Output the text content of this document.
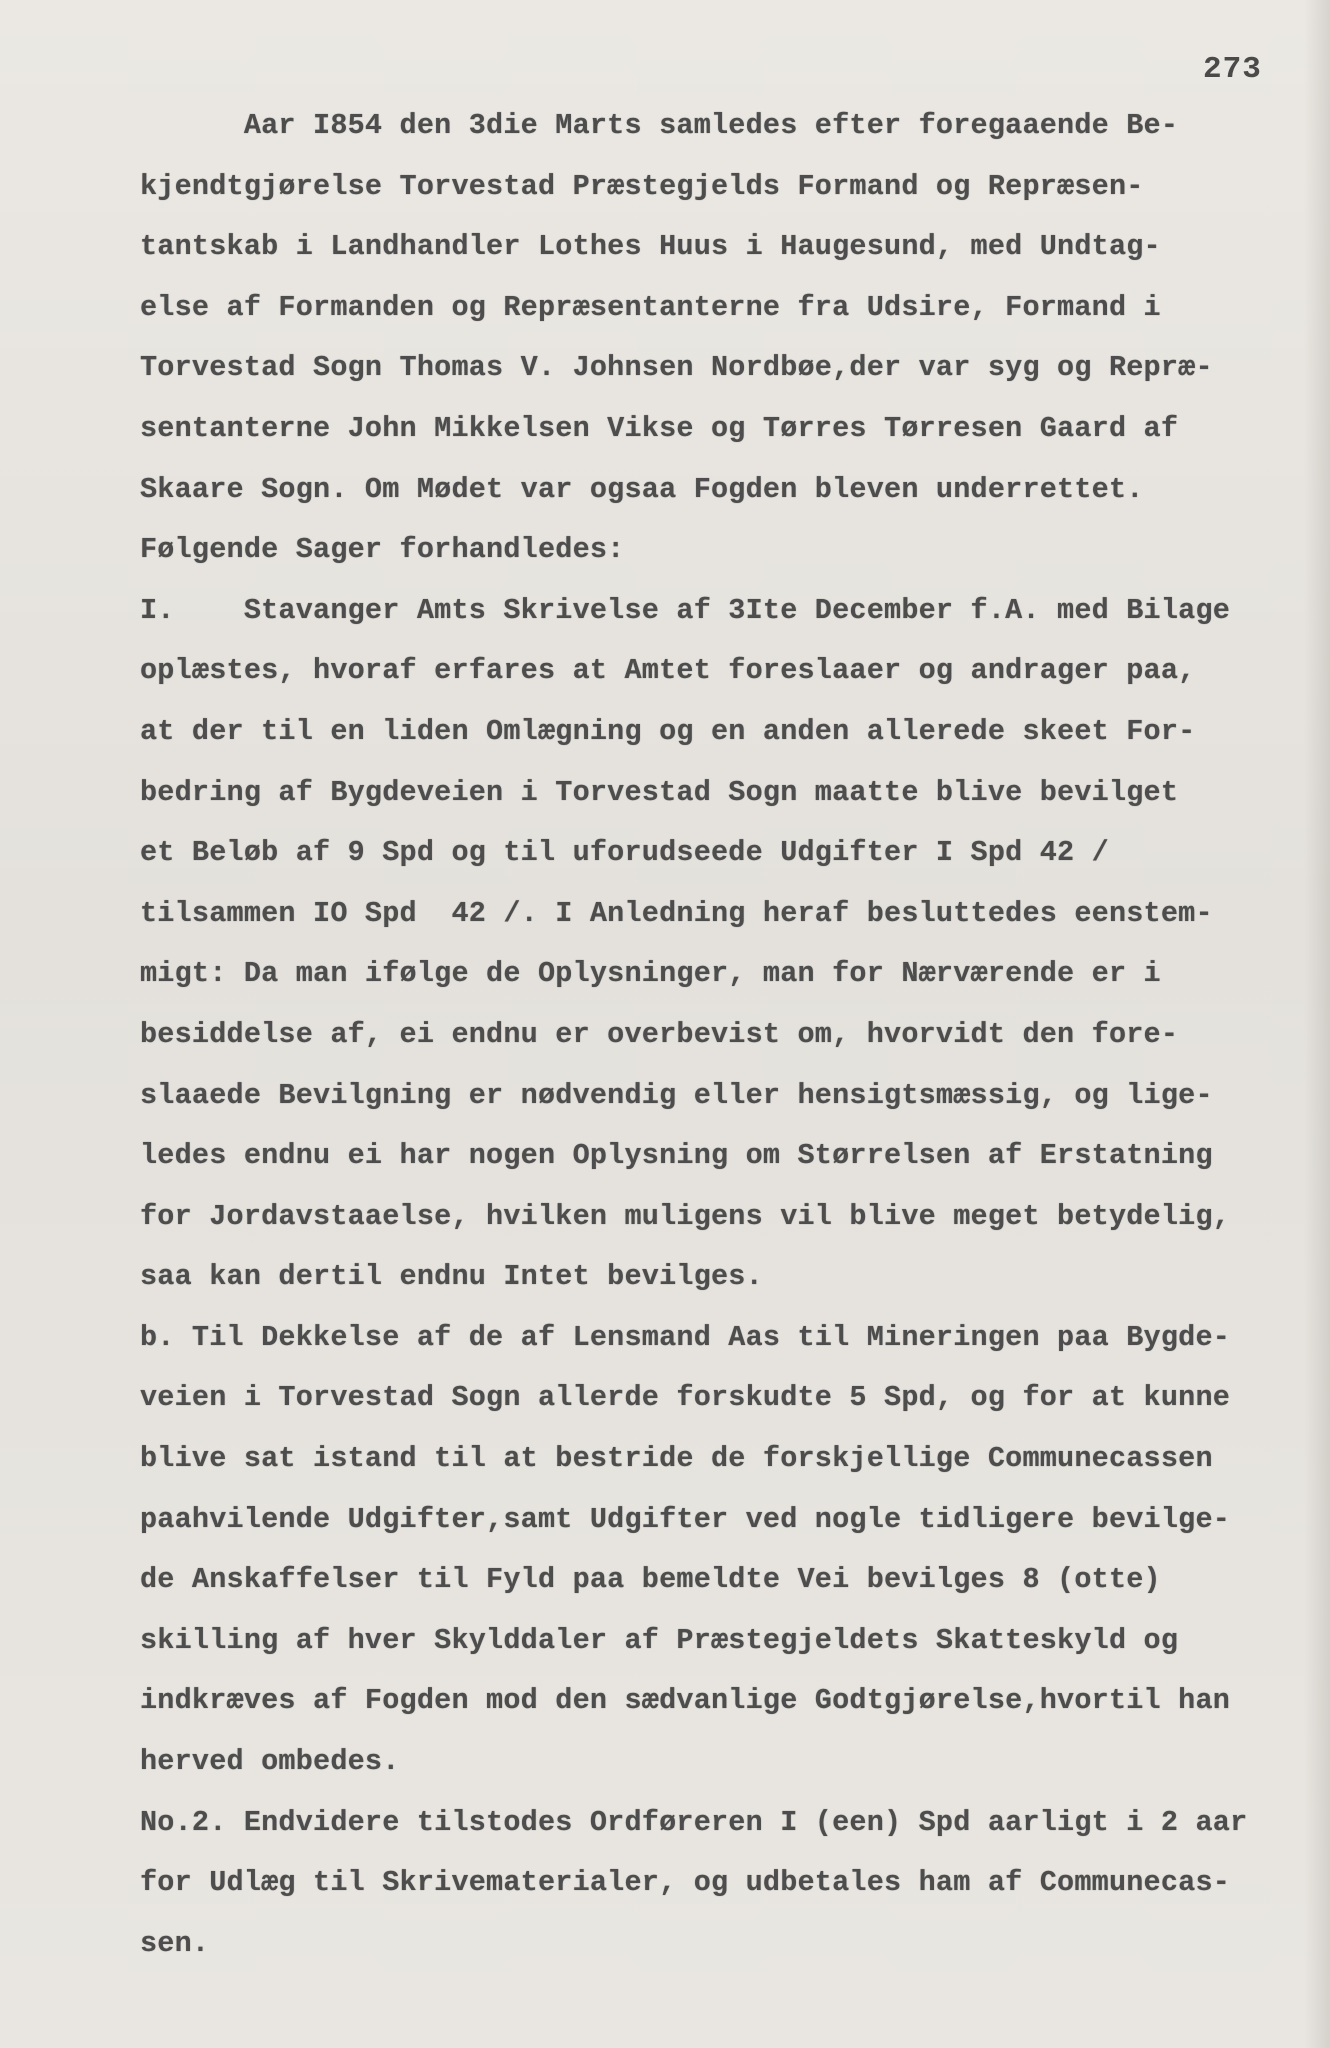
273
Aar I854 den 3die Marts samledes efter foregaaende Be-
kjendtgjørelse Torvestad Præstegjelds Formand og Repræsen-
tantskab i Landhandler Lothes Huus i Haugesund, med Undtag-
else af Formanden og Repræsentanterne fra Udsire, Formand i
Torvestad Sogn Thomas V. Johnsen Nordbøe,der var syg og Repræ-
sentanterne John Mikkelsen Vikse og Tørres Tørresen Gaard af
Skaare Sogn. Om Mødet var ogsaa Fogden bleven underrettet.
Følgende Sager forhandledes:
I.    Stavanger Amts Skrivelse af 3Ite December f.A. med Bilage
oplæstes, hvoraf erfares at Amtet foreslaaer og andrager paa,
at der til en liden Omlægning og en anden allerede skeet For-
bedring af Bygdeveien i Torvestad Sogn maatte blive bevilget
et Beløb af 9 Spd og til uforudseede Udgifter I Spd 42 /
tilsammen IO Spd  42 /. I Anledning heraf besluttedes eenstem-
migt: Da man ifølge de Oplysninger, man for Nærværende er i
besiddelse af, ei endnu er overbevist om, hvorvidt den fore-
slaaede Bevilgning er nødvendig eller hensigtsmæssig, og lige-
ledes endnu ei har nogen Oplysning om Størrelsen af Erstatning
for Jordavstaaelse, hvilken muligens vil blive meget betydelig,
saa kan dertil endnu Intet bevilges.
b. Til Dekkelse af de af Lensmand Aas til Mineringen paa Bygde-
veien i Torvestad Sogn allerde forskudte 5 Spd, og for at kunne
blive sat istand til at bestride de forskjellige Communecassen
paahvilende Udgifter,samt Udgifter ved nogle tidligere bevilge-
de Anskaffelser til Fyld paa bemeldte Vei bevilges 8 (otte)
skilling af hver Skylddaler af Præstegjeldets Skatteskyld og
indkræves af Fogden mod den sædvanlige Godtgjørelse,hvortil han
herved ombedes.
No.2. Endvidere tilstodes Ordføreren I (een) Spd aarligt i 2 aar
for Udlæg til Skrivematerialer, og udbetales ham af Communecas-
sen.
